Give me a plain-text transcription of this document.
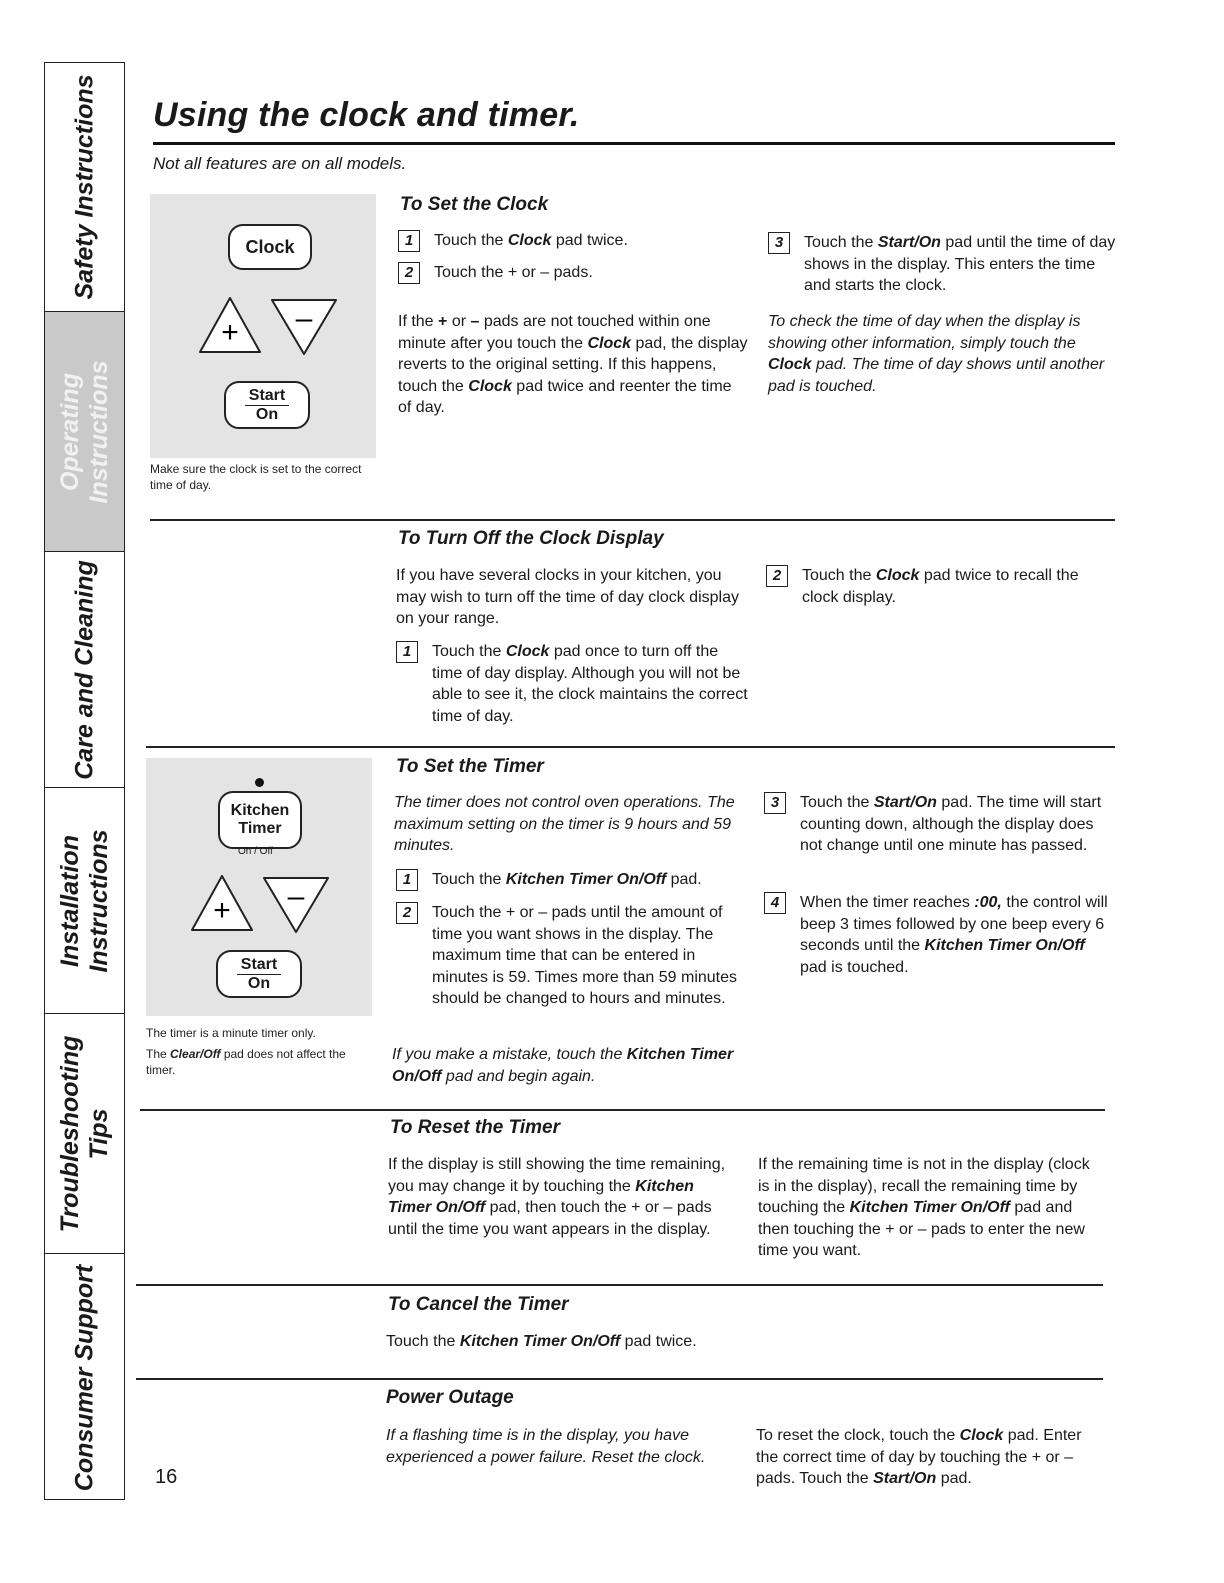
Safety Instructions
Operating Instructions
Care and Cleaning
Installation Instructions
Troubleshooting Tips
Consumer Support
Using the clock and timer.
Not all features are on all models.
Clock
+ –
Start
On
Make sure the clock is set to the correct time of day.
To Set the Clock
1	Touch the Clock pad twice.
2	Touch the + or – pads.
If the + or – pads are not touched within one minute after you touch the Clock pad, the display reverts to the original setting. If this happens, touch the Clock pad twice and reenter the time of day.
3	Touch the Start/On pad until the time of day shows in the display. This enters the time and starts the clock.
To check the time of day when the display is showing other information, simply touch the Clock pad. The time of day shows until another pad is touched.
To Turn Off the Clock Display
If you have several clocks in your kitchen, you may wish to turn off the time of day clock display on your range.
1	Touch the Clock pad once to turn off the time of day display. Although you will not be able to see it, the clock maintains the correct time of day.
2	Touch the Clock pad twice to recall the clock display.
Kitchen
Timer
On / Off
+ –
Start
On
The timer is a minute timer only.
The Clear/Off pad does not affect the timer.
To Set the Timer
The timer does not control oven operations. The maximum setting on the timer is 9 hours and 59 minutes.
1	Touch the Kitchen Timer On/Off pad.
2	Touch the + or – pads until the amount of time you want shows in the display. The maximum time that can be entered in minutes is 59. Times more than 59 minutes should be changed to hours and minutes.
If you make a mistake, touch the Kitchen Timer On/Off pad and begin again.
3	Touch the Start/On pad. The time will start counting down, although the display does not change until one minute has passed.
4	When the timer reaches :00, the control will beep 3 times followed by one beep every 6 seconds until the Kitchen Timer On/Off pad is touched.
To Reset the Timer
If the display is still showing the time remaining, you may change it by touching the Kitchen Timer On/Off pad, then touch the + or – pads until the time you want appears in the display.
If the remaining time is not in the display (clock is in the display), recall the remaining time by touching the Kitchen Timer On/Off pad and then touching the + or – pads to enter the new time you want.
To Cancel the Timer
Touch the Kitchen Timer On/Off pad twice.
Power Outage
If a flashing time is in the display, you have experienced a power failure. Reset the clock.
To reset the clock, touch the Clock pad. Enter the correct time of day by touching the + or – pads. Touch the Start/On pad.
16
